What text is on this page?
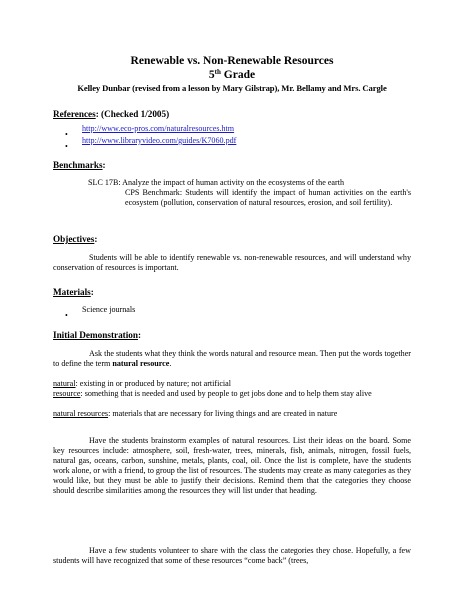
Renewable vs. Non-Renewable Resources
5th Grade
Kelley Dunbar (revised from a lesson by Mary Gilstrap), Mr. Bellamy and Mrs. Cargle
References: (Checked 1/2005)
•
http://www.eco-pros.com/naturalresources.htm
•
http://www.libraryvideo.com/guides/K7060.pdf
Benchmarks:
SLC 17B: Analyze the impact of human activity on the ecosystems of the earth
CPS Benchmark: Students will identify the impact of human activities on the earth's ecosystem (pollution, conservation of natural resources, erosion, and soil fertility).
Objectives:
Students will be able to identify renewable vs. non-renewable resources, and will understand why conservation of resources is important.
Materials:
•
Science journals
Initial Demonstration:
Ask the students what they think the words natural and resource mean. Then put the words together to define the term natural resource.
natural: existing in or produced by nature; not artificial
resource: something that is needed and used by people to get jobs done and to help them stay alive
natural resources: materials that are necessary for living things and are created in nature
Have the students brainstorm examples of natural resources. List their ideas on the board. Some key resources include: atmosphere, soil, fresh-water, trees, minerals, fish, animals, nitrogen, fossil fuels, natural gas, oceans, carbon, sunshine, metals, plants, coal, oil. Once the list is complete, have the students work alone, or with a friend, to group the list of resources. The students may create as many categories as they would like, but they must be able to justify their decisions. Remind them that the categories they choose should describe similarities among the resources they will list under that heading.
Have a few students volunteer to share with the class the categories they chose. Hopefully, a few students will have recognized that some of these resources “come back” (trees,
